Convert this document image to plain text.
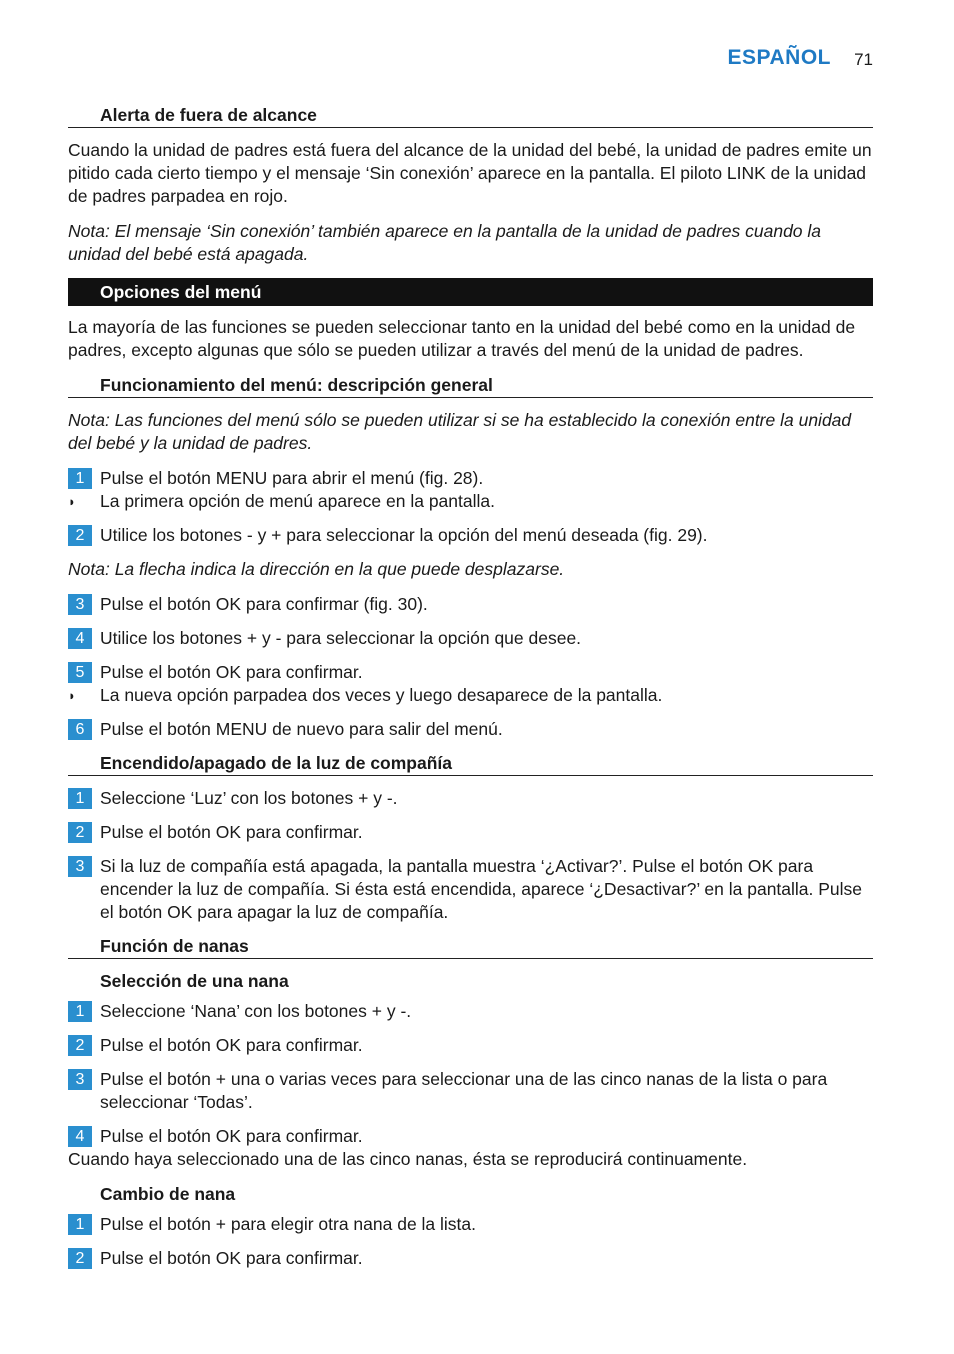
ESPAÑOL 71
Alerta de fuera de alcance

Cuando la unidad de padres está fuera del alcance de la unidad del bebé, la unidad de padres emite un pitido cada cierto tiempo y el mensaje ‘Sin conexión’ aparece en la pantalla. El piloto LINK de la unidad de padres parpadea en rojo.

Nota: El mensaje ‘Sin conexión’ también aparece en la pantalla de la unidad de padres cuando la unidad del bebé está apagada.

Opciones del menú

La mayoría de las funciones se pueden seleccionar tanto en la unidad del bebé como en la unidad de padres, excepto algunas que sólo se pueden utilizar a través del menú de la unidad de padres.

Funcionamiento del menú: descripción general

Nota: Las funciones del menú sólo se pueden utilizar si se ha establecido la conexión entre la unidad del bebé y la unidad de padres.

1 Pulse el botón MENU para abrir el menú (fig. 28).
◗ La primera opción de menú aparece en la pantalla.
2 Utilice los botones - y + para seleccionar la opción del menú deseada (fig. 29).

Nota: La flecha indica la dirección en la que puede desplazarse.

3 Pulse el botón OK para confirmar (fig. 30).
4 Utilice los botones + y - para seleccionar la opción que desee.
5 Pulse el botón OK para confirmar.
◗ La nueva opción parpadea dos veces y luego desaparece de la pantalla.
6 Pulse el botón MENU de nuevo para salir del menú.
Encendido/apagado de la luz de compañía
1 Seleccione ‘Luz’ con los botones + y -.
2 Pulse el botón OK para confirmar.
3 Si la luz de compañía está apagada, la pantalla muestra ‘¿Activar?’. Pulse el botón OK para encender la luz de compañía. Si ésta está encendida, aparece ‘¿Desactivar?’ en la pantalla. Pulse el botón OK para apagar la luz de compañía.
Función de nanas
Selección de una nana
1 Seleccione ‘Nana’ con los botones + y -.
2 Pulse el botón OK para confirmar.
3 Pulse el botón + una o varias veces para seleccionar una de las cinco nanas de la lista o para seleccionar ‘Todas’.
4 Pulse el botón OK para confirmar.

Cuando haya seleccionado una de las cinco nanas, ésta se reproducirá continuamente.

Cambio de nana
1 Pulse el botón + para elegir otra nana de la lista.
2 Pulse el botón OK para confirmar.
